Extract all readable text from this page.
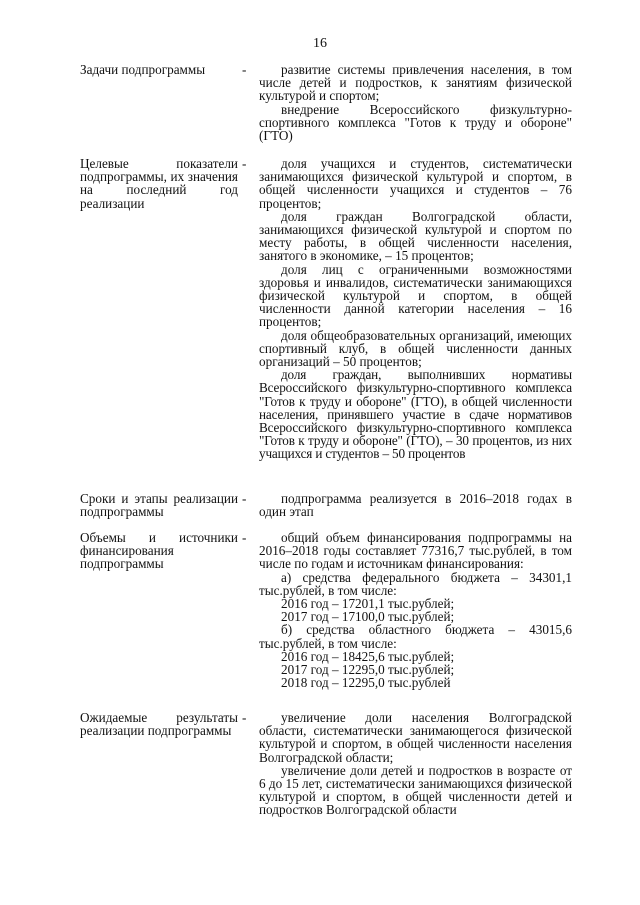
16
Задачи подпрограммы	-	развитие системы привлечения населения, в том числе детей и подростков, к занятиям физической культурой и спортом;

внедрение Всероссийского физкультурно-спортивного комплекса "Готов к труду и обороне" (ГТО)

Целевые показатели подпрограммы, их значения на последний год реализации
-	доля учащихся и студентов, систематически занимающихся физической культурой и спортом, в общей численности учащихся и студентов – 76 процентов;

доля граждан Волгоградской области, занимающихся физической культурой и спортом по месту работы, в общей численности населения, занятого в экономике, – 15 процентов;

доля лиц с ограниченными возможностями здоровья и инвалидов, систематически занимающихся физической культурой и спортом, в общей численности данной категории населения – 16 процентов;

доля общеобразовательных организаций, имеющих спортивный клуб, в общей численности данных организаций – 50 процентов;

доля граждан, выполнивших нормативы Всероссийского физкультурно-спортивного комплекса "Готов к труду и обороне" (ГТО), в общей численности населения, принявшего участие в сдаче нормативов Всероссийского физкультурно-спортивного комплекса "Готов к труду и обороне" (ГТО), – 30 процентов, из них учащихся и студентов – 50 процентов

Сроки и этапы реализации подпрограммы
-	подпрограмма реализуется в 2016–2018 годах в один этап

Объемы и источники финансирования подпрограммы
-	общий объем финансирования подпрограммы на 2016–2018 годы составляет 77316,7 тыс.рублей, в том числе по годам и источникам финансирования:

а) средства федерального бюджета – 34301,1 тыс.рублей, в том числе:

2016 год – 17201,1 тыс.рублей;

2017 год – 17100,0 тыс.рублей;

б) средства областного бюджета – 43015,6 тыс.рублей, в том числе:

2016 год – 18425,6 тыс.рублей;

2017 год – 12295,0 тыс.рублей;

2018 год – 12295,0 тыс.рублей

Ожидаемые результаты реализации подпрограммы
-	увеличение доли населения Волгоградской области, систематически занимающегося физической культурой и спортом, в общей численности населения Волгоградской области;

увеличение доли детей и подростков в возрасте от 6 до 15 лет, систематически занимающихся физической культурой и спортом, в общей численности детей и подростков Волгоградской области
